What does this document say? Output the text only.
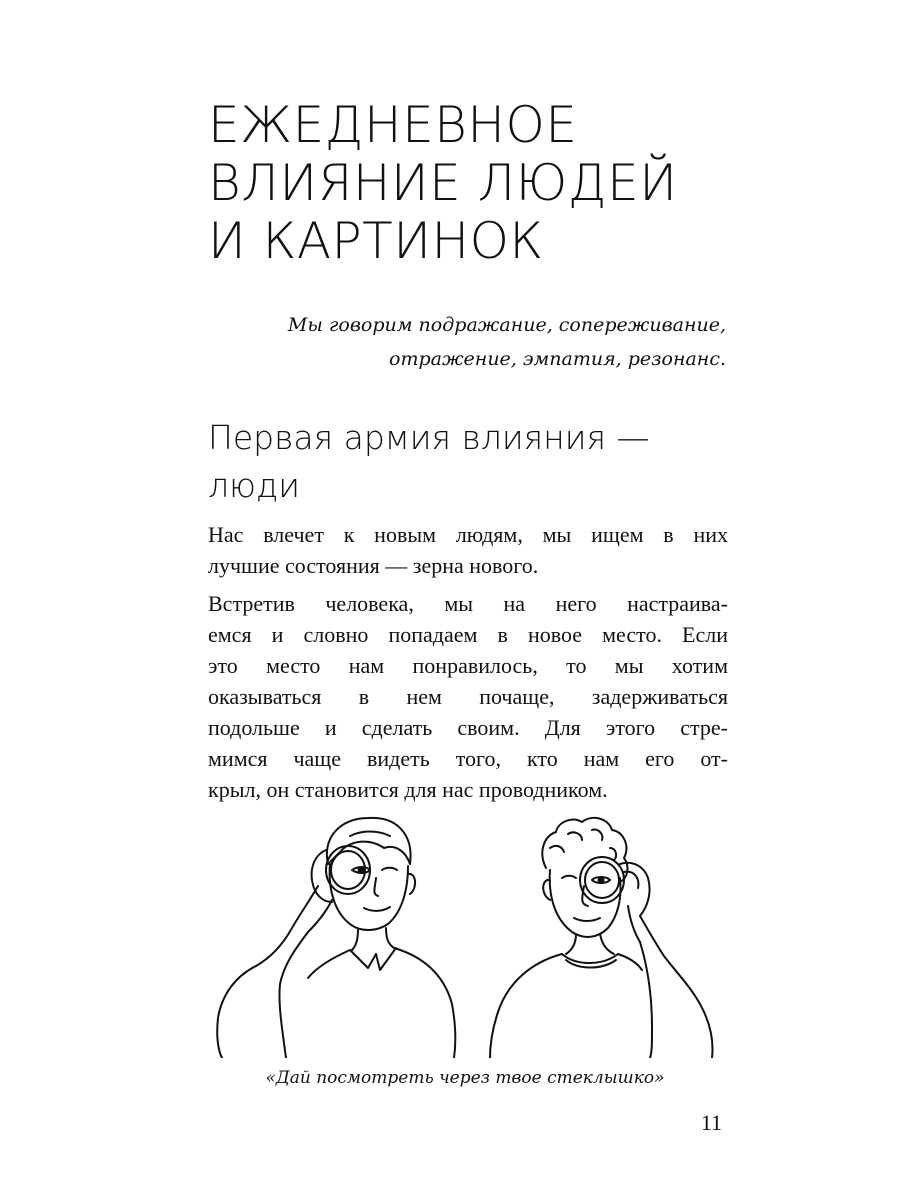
ЕЖЕДНЕВНОЕ
ВЛИЯНИЕ ЛЮДЕЙ
И КАРТИНОК

Мы говорим подражание, сопереживание,
отражение, эмпатия, резонанс.

Первая армия влияния —
люди

Нас влечет к новым людям, мы ищем в них
лучшие состояния — зерна нового.

Встретив человека, мы на него настраива-
емся и словно попадаем в новое место. Если
это место нам понравилось, то мы хотим
оказываться в нем почаще, задерживаться
подольше и сделать своим. Для этого стре-
мимся чаще видеть того, кто нам его от-
крыл, он становится для нас проводником.

«Дай посмотреть через твое стеклышко»

11
